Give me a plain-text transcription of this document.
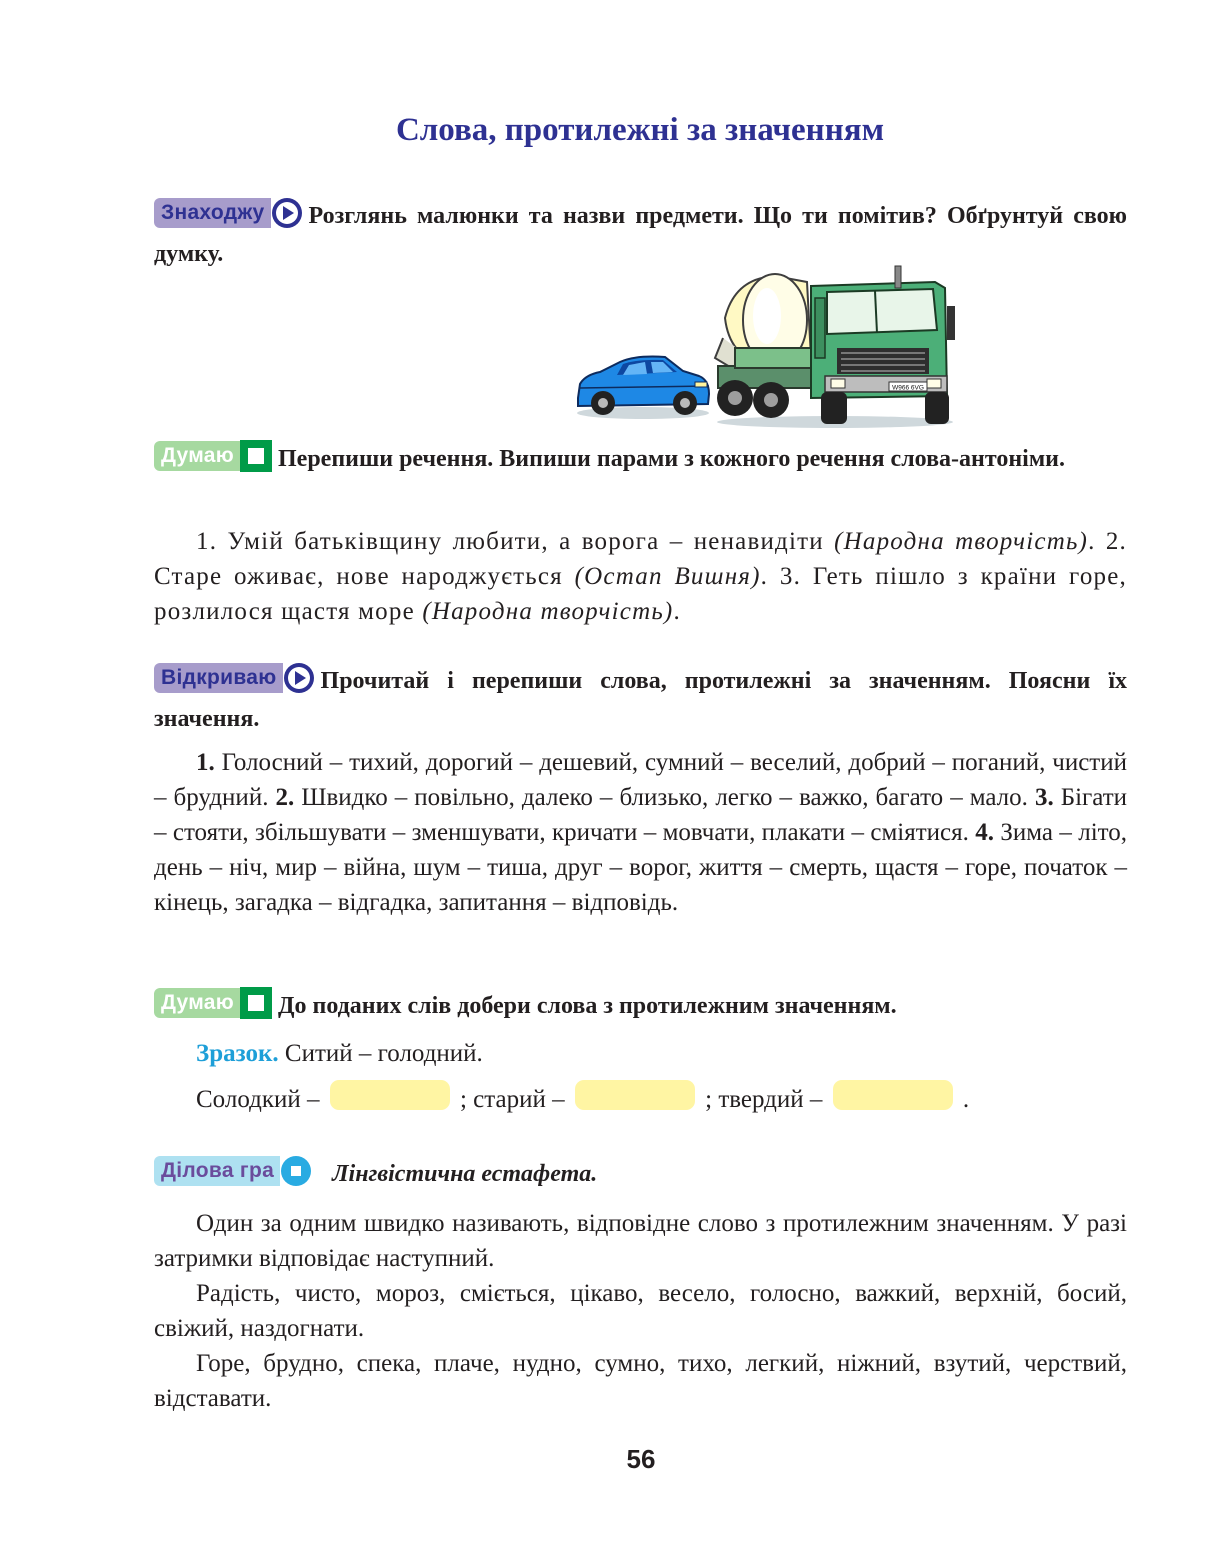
Слова, протилежні за значенням
Знаходжу Розглянь малюнки та назви предмети. Що ти помітив? Обґрунтуй свою думку.
W966 6VG
Думаю Перепиши речення. Випиши парами з кожного речення слова-антоніми.
1. Умій батьківщину любити, а ворога – ненавидіти (Народна творчість). 2. Старе оживає, нове народжується (Остап Вишня). 3. Геть пішло з країни горе, розлилося щастя море (Народна творчість).
Відкриваю Прочитай і перепиши слова, протилежні за значенням. Поясни їх значення.
1. Голосний – тихий, дорогий – дешевий, сумний – веселий, добрий – поганий, чистий – брудний. 2. Швидко – повільно, далеко – близько, легко – важко, багато – мало. 3. Бігати – стояти, збільшувати – зменшувати, кричати – мовчати, плакати – сміятися. 4. Зима – літо, день – ніч, мир – війна, шум – тиша, друг – ворог, життя – смерть, щастя – горе, початок – кінець, загадка – відгадка, запитання – відповідь.
Думаю До поданих слів добери слова з протилежним значенням.
Зразок. Ситий – голодний.
Солодкий –	; старий –	; твердий –	.
Ділова гра Лінгвістична естафета.
Один за одним швидко називають, відповідне слово з протилежним значенням. У разі затримки відповідає наступний.
Радість, чисто, мороз, сміється, цікаво, весело, голосно, важкий, верхній, босий, свіжий, наздогнати.
Горе, брудно, спека, плаче, нудно, сумно, тихо, легкий, ніжний, взутий, черствий, відставати.
56
